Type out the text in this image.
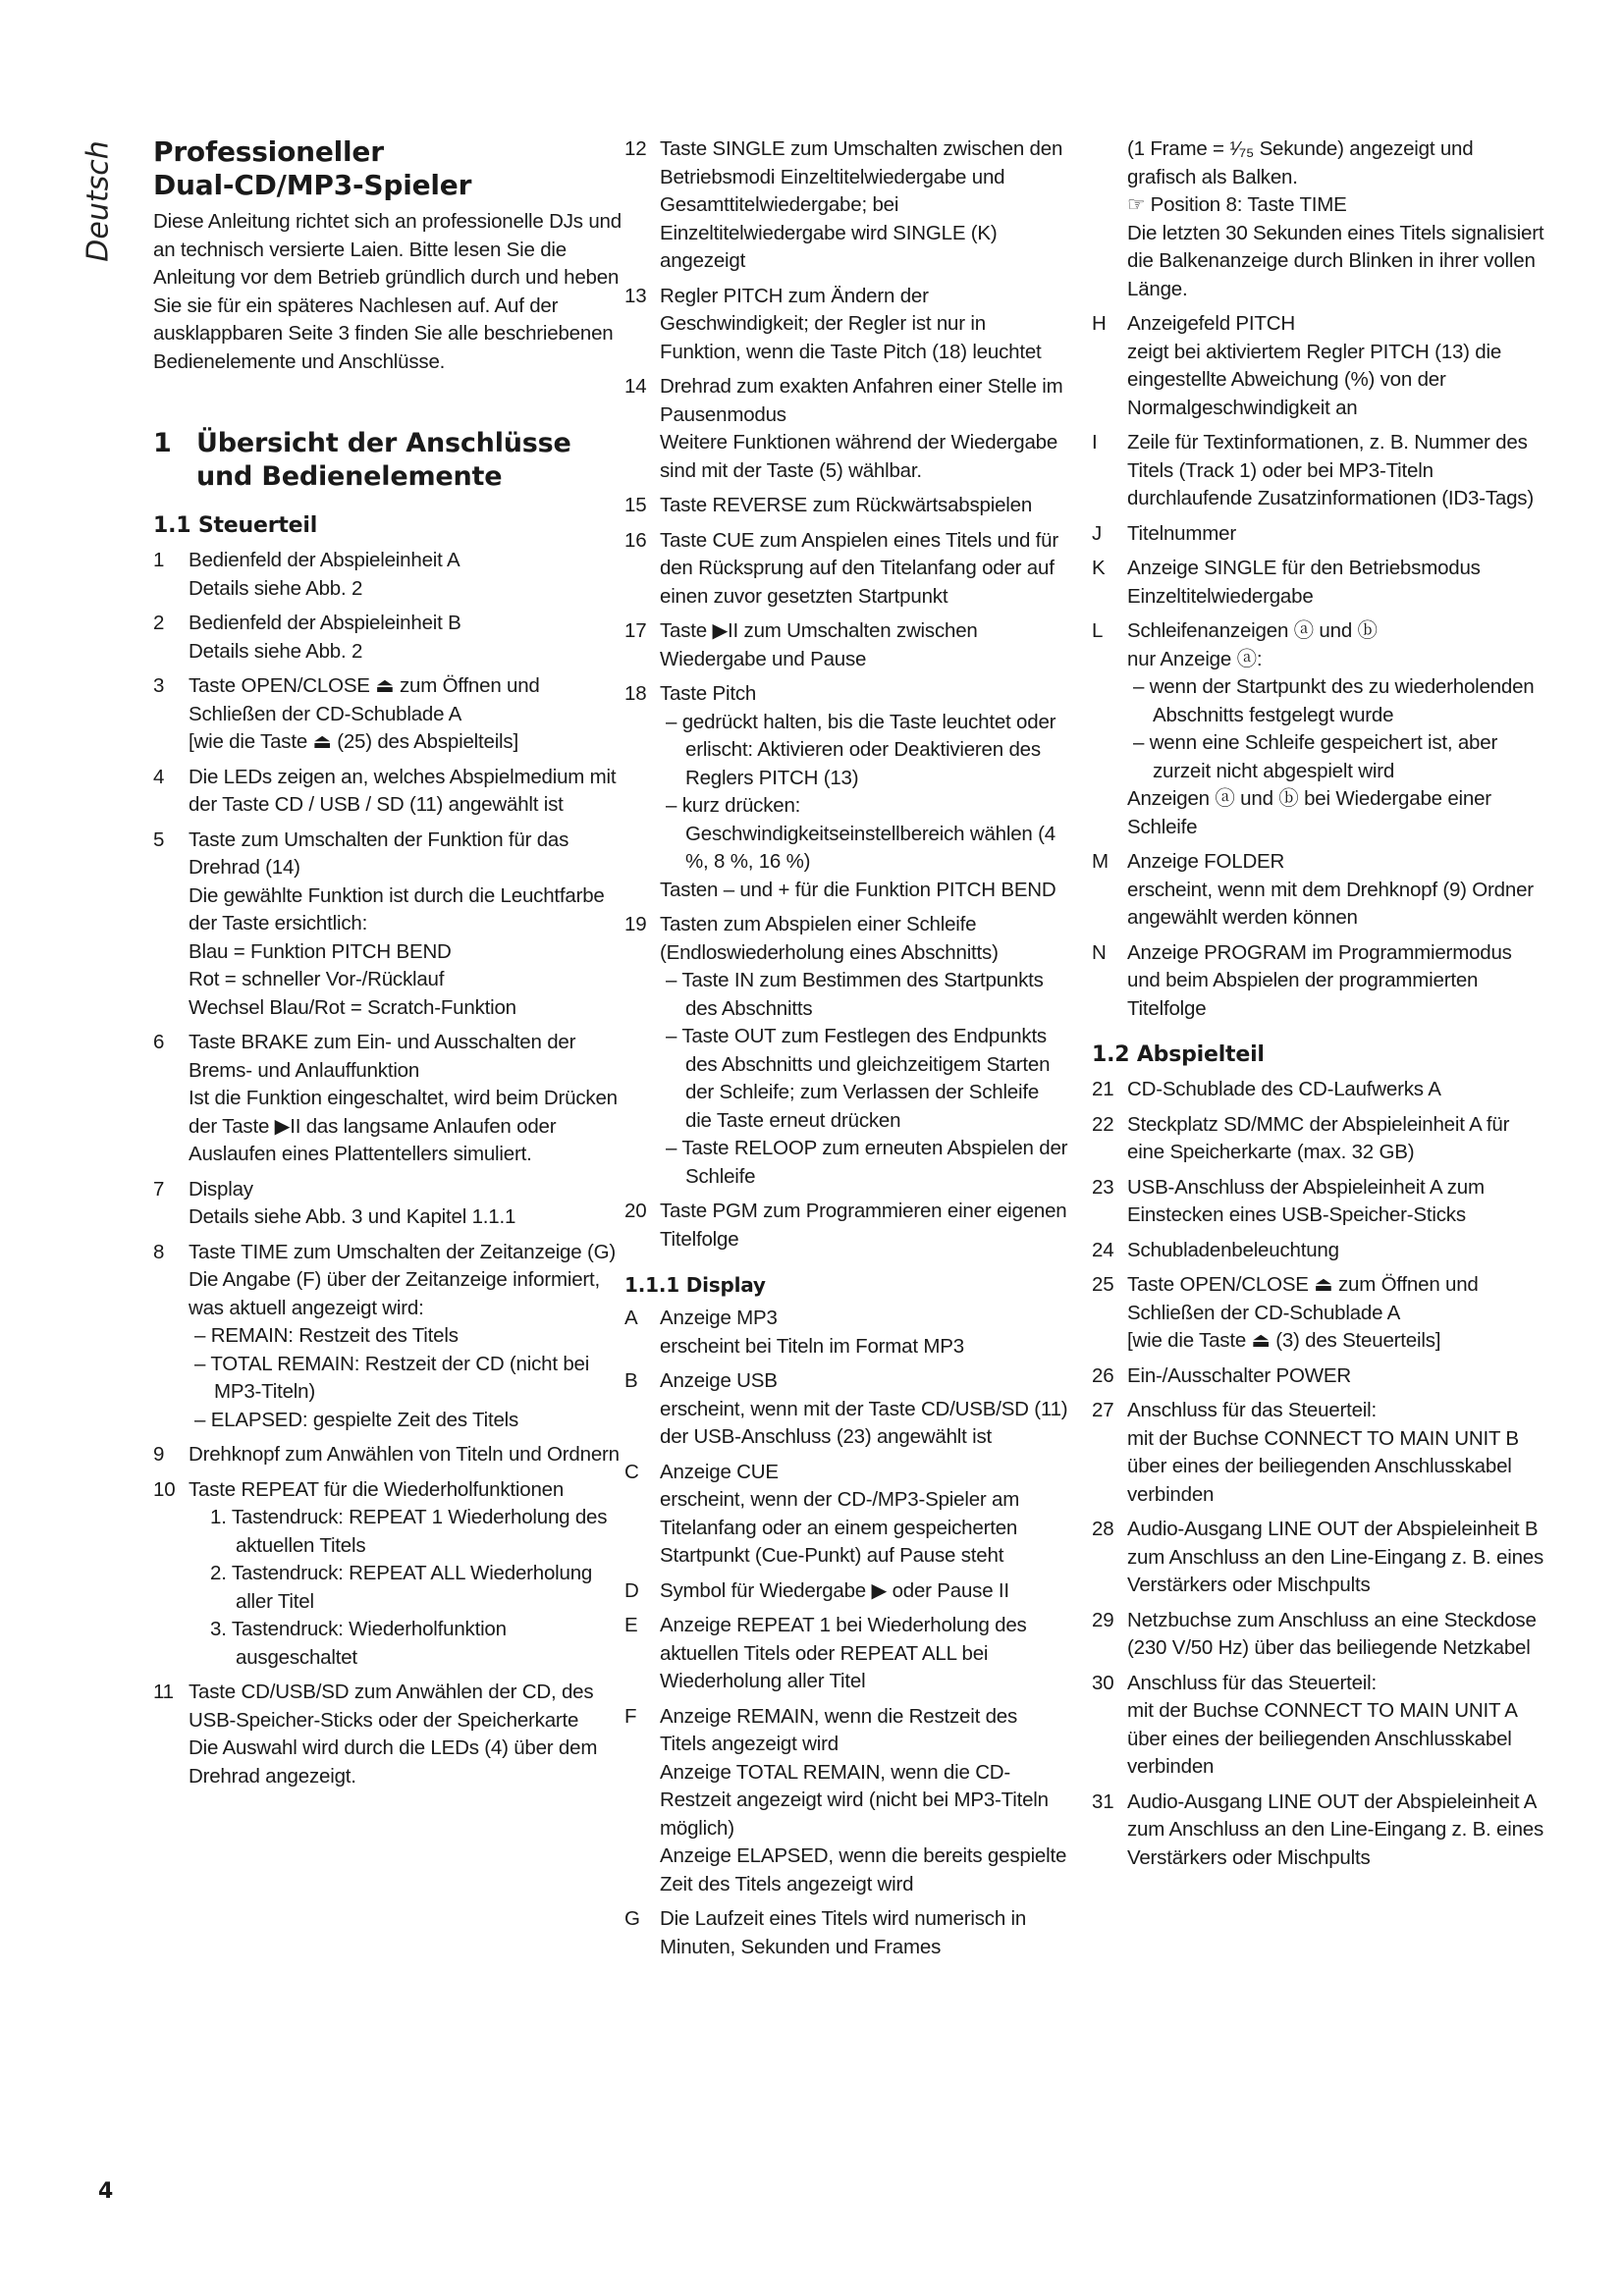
Deutsch Professioneller
Dual-CD/MP3-Spieler

Diese Anleitung richtet sich an professionelle DJs und an technisch versierte Laien. Bitte lesen Sie die Anleitung vor dem Betrieb gründlich durch und heben Sie sie für ein späteres Nachlesen auf. Auf der ausklappbaren Seite 3 finden Sie alle beschriebenen Bedienelemente und Anschlüsse.

1 Übersicht der Anschlüsse
und Bedienelemente
1.1 Steuerteil
1 Bedienfeld der Abspieleinheit A

Details siehe Abb. 2

2 Bedienfeld der Abspieleinheit B

Details siehe Abb. 2

3 Taste OPEN/CLOSE ⏏ zum Öffnen und Schließen der CD-Schublade A

[wie die Taste ⏏ (25) des Abspielteils]

4 Die LEDs zeigen an, welches Abspielmedium mit der Taste CD / USB / SD (11) angewählt ist

5 Taste zum Umschalten der Funktion für das Drehrad (14)

Die gewählte Funktion ist durch die Leuchtfarbe der Taste ersichtlich:

Blau = Funktion PITCH BEND

Rot = schneller Vor-/Rücklauf

Wechsel Blau/Rot = Scratch-Funktion

6 Taste BRAKE zum Ein- und Ausschalten der Brems- und Anlauffunktion

Ist die Funktion eingeschaltet, wird beim Drücken der Taste ▶II das langsame Anlaufen oder Auslaufen eines Plattentellers simuliert.

7 Display

Details siehe Abb. 3 und Kapitel 1.1.1

8 Taste TIME zum Umschalten der Zeitanzeige (G)

Die Angabe (F) über der Zeitanzeige informiert, was aktuell angezeigt wird:

– REMAIN: Restzeit des Titels

– TOTAL REMAIN: Restzeit der CD (nicht bei MP3-Titeln)

– ELAPSED: gespielte Zeit des Titels

9 Drehknopf zum Anwählen von Titeln und Ordnern

10 Taste REPEAT für die Wiederholfunktionen

1. Tastendruck: REPEAT 1 Wiederholung des aktuellen Titels

2. Tastendruck: REPEAT ALL Wiederholung aller Titel

3. Tastendruck: Wiederholfunktion ausgeschaltet

11 Taste CD/USB/SD zum Anwählen der CD, des USB-Speicher-Sticks oder der Speicherkarte

Die Auswahl wird durch die LEDs (4) über dem Drehrad angezeigt.

12 Taste SINGLE zum Umschalten zwischen den Betriebsmodi Einzeltitelwiedergabe und Gesamttitelwiedergabe; bei Einzeltitelwiedergabe wird SINGLE (K) angezeigt

13 Regler PITCH zum Ändern der Geschwindigkeit; der Regler ist nur in Funktion, wenn die Taste Pitch (18) leuchtet

14 Drehrad zum exakten Anfahren einer Stelle im Pausenmodus

Weitere Funktionen während der Wiedergabe sind mit der Taste (5) wählbar.

15 Taste REVERSE zum Rückwärtsabspielen

16 Taste CUE zum Anspielen eines Titels und für den Rücksprung auf den Titelanfang oder auf einen zuvor gesetzten Startpunkt

17 Taste ▶II zum Umschalten zwischen Wiedergabe und Pause

18 Taste Pitch

– gedrückt halten, bis die Taste leuchtet oder erlischt: Aktivieren oder Deaktivieren des Reglers PITCH (13)

– kurz drücken: Geschwindigkeitseinstellbereich wählen (4 %, 8 %, 16 %)

Tasten – und + für die Funktion PITCH BEND

19 Tasten zum Abspielen einer Schleife (Endloswiederholung eines Abschnitts)

– Taste IN zum Bestimmen des Startpunkts des Abschnitts

– Taste OUT zum Festlegen des Endpunkts des Abschnitts und gleichzeitigem Starten der Schleife; zum Verlassen der Schleife die Taste erneut drücken

– Taste RELOOP zum erneuten Abspielen der Schleife

20 Taste PGM zum Programmieren einer eigenen Titelfolge

1.1.1 Display
A Anzeige MP3

erscheint bei Titeln im Format MP3

B Anzeige USB

erscheint, wenn mit der Taste CD/USB/SD (11) der USB-Anschluss (23) angewählt ist

C Anzeige CUE

erscheint, wenn der CD-/MP3-Spieler am Titelanfang oder an einem gespeicherten Startpunkt (Cue-Punkt) auf Pause steht

D Symbol für Wiedergabe ▶ oder Pause II

E Anzeige REPEAT 1 bei Wiederholung des aktuellen Titels oder REPEAT ALL bei Wiederholung aller Titel

F Anzeige REMAIN, wenn die Restzeit des Titels angezeigt wird

Anzeige TOTAL REMAIN, wenn die CD-Restzeit angezeigt wird (nicht bei MP3-Titeln möglich)

Anzeige ELAPSED, wenn die bereits gespielte Zeit des Titels angezeigt wird

G Die Laufzeit eines Titels wird numerisch in Minuten, Sekunden und Frames

(1 Frame = ¹⁄₇₅ Sekunde) angezeigt und grafisch als Balken.

☞ Position 8: Taste TIME

Die letzten 30 Sekunden eines Titels signalisiert die Balkenanzeige durch Blinken in ihrer vollen Länge.

H Anzeigefeld PITCH

zeigt bei aktiviertem Regler PITCH (13) die eingestellte Abweichung (%) von der Normalgeschwindigkeit an

I Zeile für Textinformationen, z. B. Nummer des Titels (Track 1) oder bei MP3-Titeln durchlaufende Zusatzinformationen (ID3-Tags)

J Titelnummer

K Anzeige SINGLE für den Betriebsmodus Einzeltitelwiedergabe

L Schleifenanzeigen ⓐ und ⓑ

nur Anzeige ⓐ:

– wenn der Startpunkt des zu wiederholenden Abschnitts festgelegt wurde

– wenn eine Schleife gespeichert ist, aber zurzeit nicht abgespielt wird

Anzeigen ⓐ und ⓑ bei Wiedergabe einer Schleife

M Anzeige FOLDER

erscheint, wenn mit dem Drehknopf (9) Ordner angewählt werden können

N Anzeige PROGRAM im Programmiermodus und beim Abspielen der programmierten Titelfolge

1.2 Abspielteil
21 CD-Schublade des CD-Laufwerks A

22 Steckplatz SD/MMC der Abspieleinheit A für eine Speicherkarte (max. 32 GB)

23 USB-Anschluss der Abspieleinheit A zum Einstecken eines USB-Speicher-Sticks

24 Schubladenbeleuchtung

25 Taste OPEN/CLOSE ⏏ zum Öffnen und Schließen der CD-Schublade A

[wie die Taste ⏏ (3) des Steuerteils]

26 Ein-/Ausschalter POWER

27 Anschluss für das Steuerteil:

mit der Buchse CONNECT TO MAIN UNIT B über eines der beiliegenden Anschlusskabel verbinden

28 Audio-Ausgang LINE OUT der Abspieleinheit B zum Anschluss an den Line-Eingang z. B. eines Verstärkers oder Mischpults

29 Netzbuchse zum Anschluss an eine Steckdose (230 V/50 Hz) über das beiliegende Netzkabel

30 Anschluss für das Steuerteil:

mit der Buchse CONNECT TO MAIN UNIT A über eines der beiliegenden Anschlusskabel verbinden

31 Audio-Ausgang LINE OUT der Abspieleinheit A zum Anschluss an den Line-Eingang z. B. eines Verstärkers oder Mischpults

4
